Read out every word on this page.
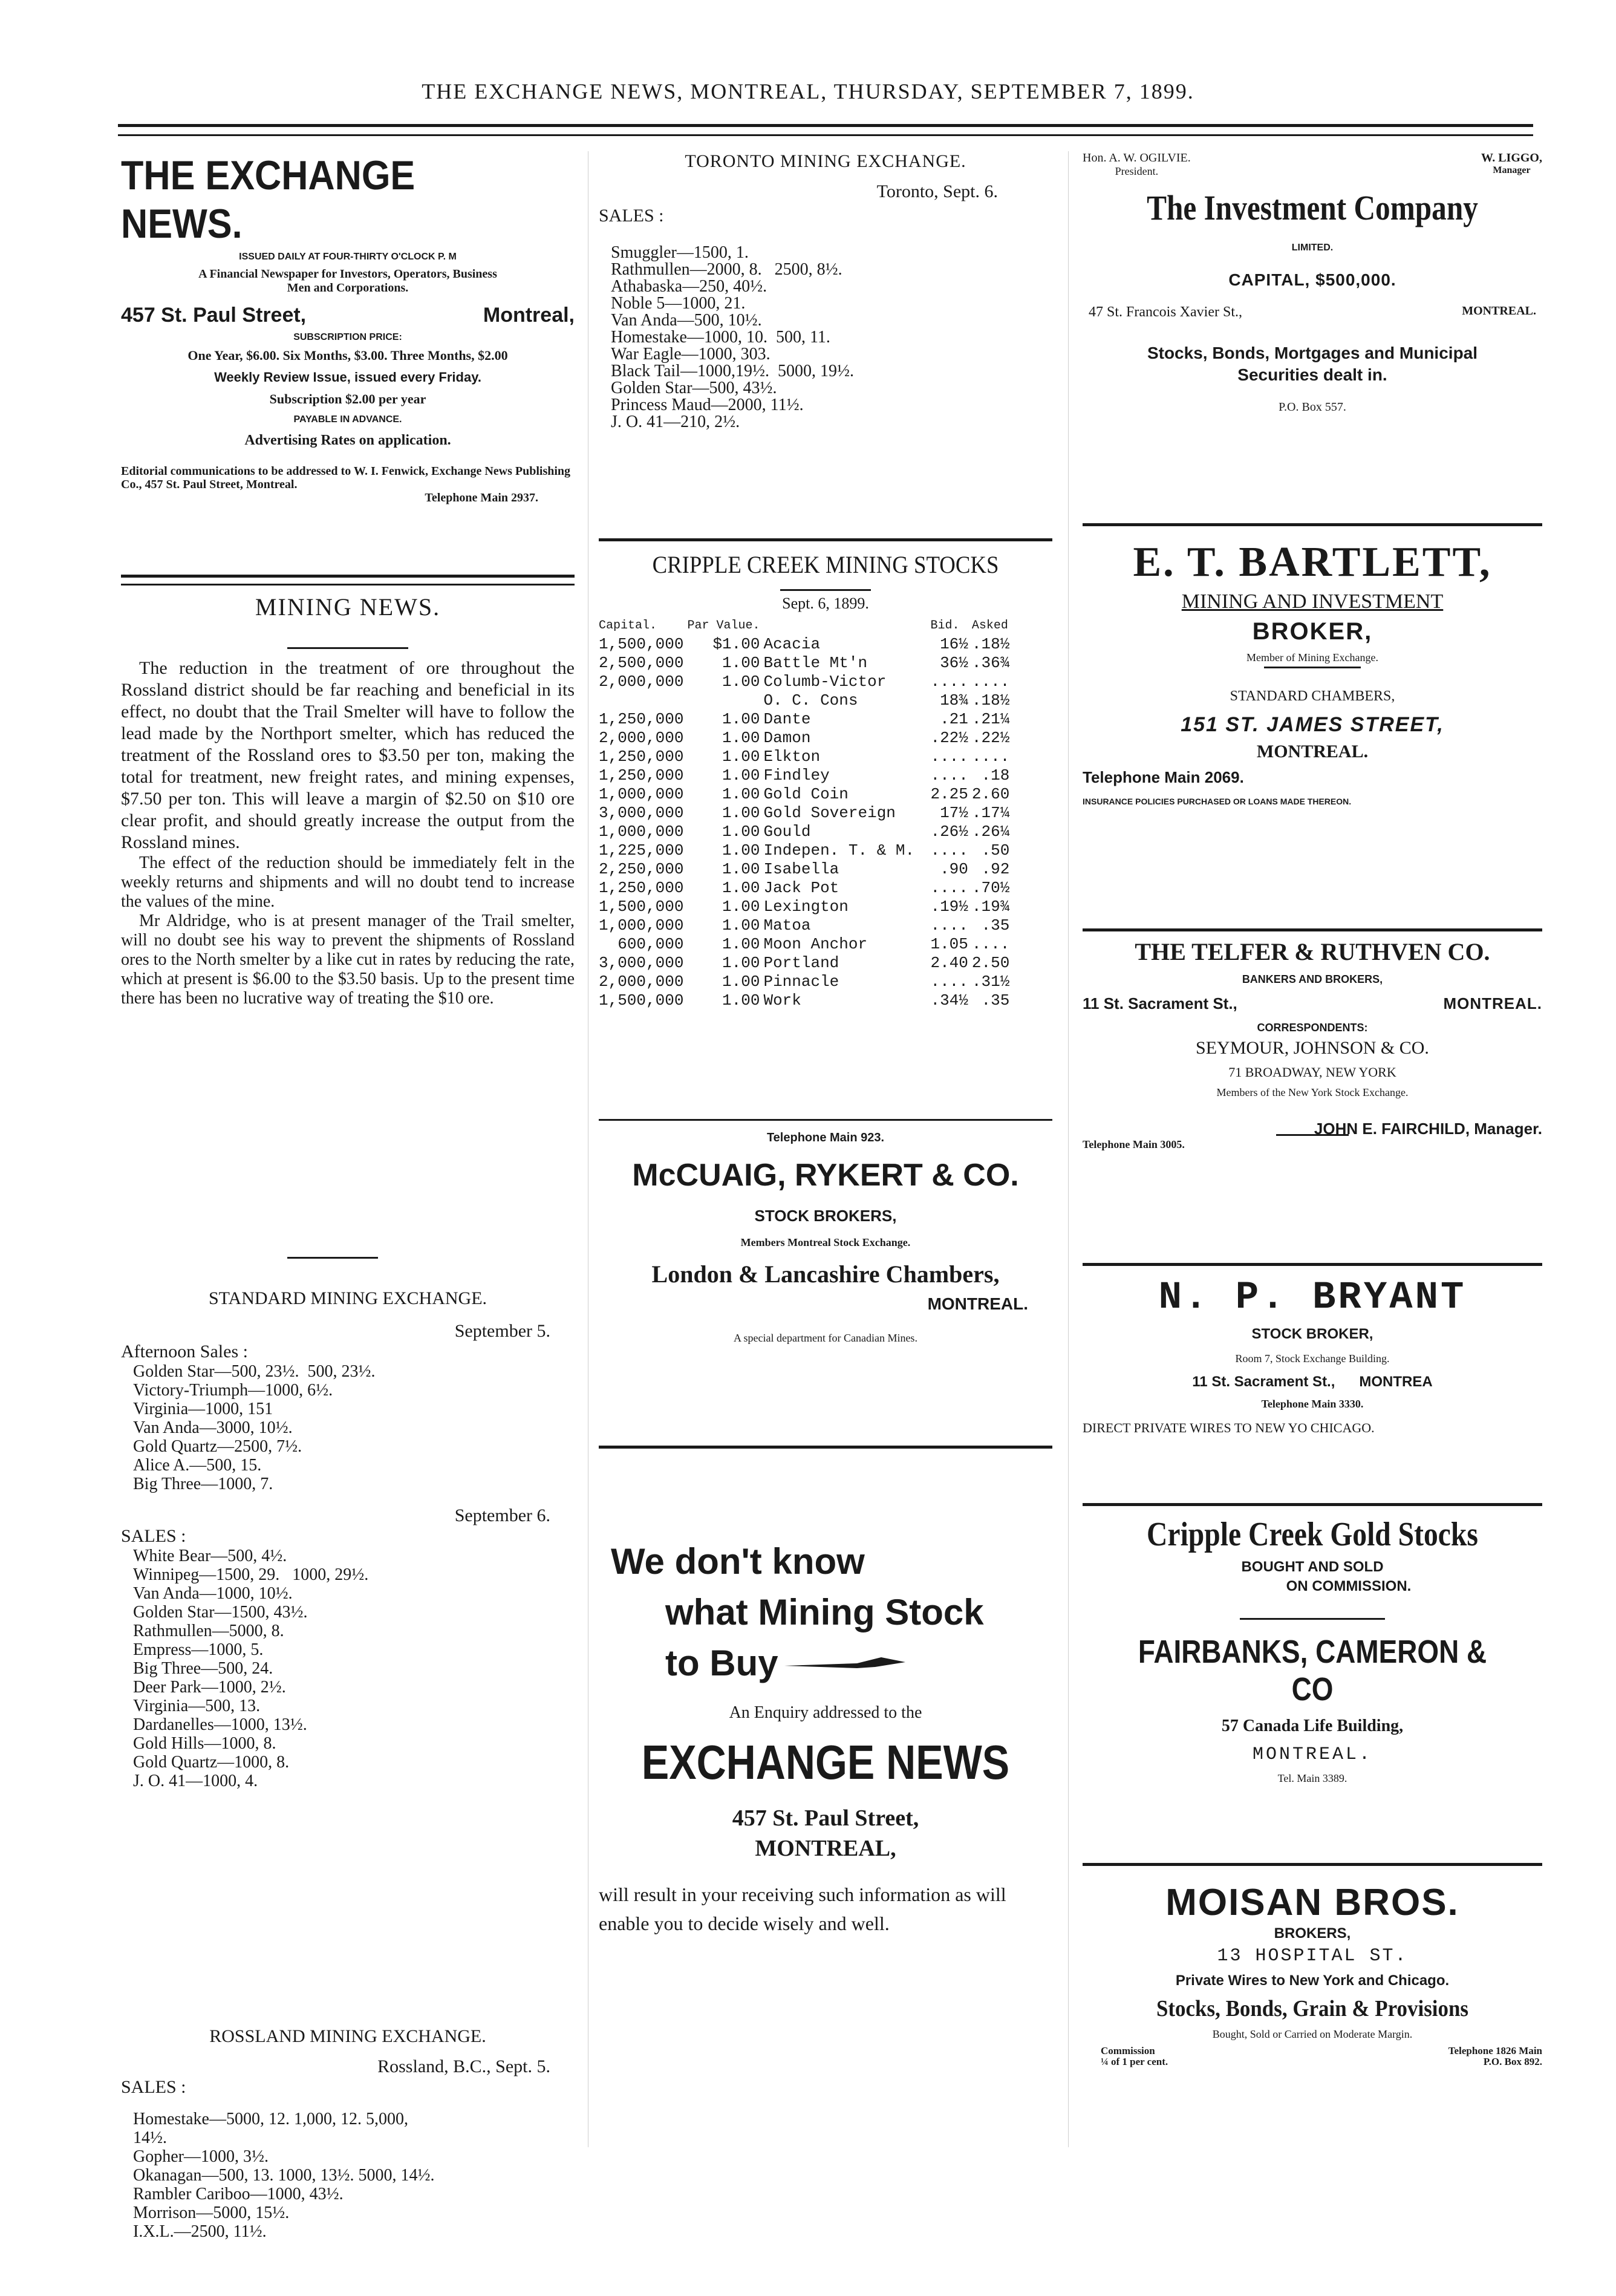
THE EXCHANGE NEWS, MONTREAL, THURSDAY, SEPTEMBER 7, 1899.
THE EXCHANGE NEWS.
ISSUED DAILY AT FOUR-THIRTY O'CLOCK P. M
A Financial Newspaper for Investors, Operators, Business
Men and Corporations.
457 St. Paul Street,	Montreal,
SUBSCRIPTION PRICE:
One Year, $6.00. Six Months, $3.00. Three Months, $2.00
Weekly Review Issue, issued every Friday.
Subscription $2.00 per year
PAYABLE IN ADVANCE.
Advertising Rates on application.
Editorial communications to be addressed to W. I. Fenwick, Exchange News Publishing Co., 457 St. Paul Street, Montreal.
Telephone Main 2937.
MINING NEWS.

The reduction in the treatment of ore throughout the Rossland district should be far reaching and beneficial in its effect, no doubt that the Trail Smelter will have to follow the lead made by the Northport smelter, which has reduced the treatment of the Rossland ores to $3.50 per ton, making the total for treatment, new freight rates, and mining expenses, $7.50 per ton. This will leave a margin of $2.50 on $10 ore clear profit, and should greatly increase the output from the Rossland mines.

The effect of the reduction should be immediately felt in the weekly returns and shipments and will no doubt tend to increase the values of the mine.

Mr Aldridge, who is at present manager of the Trail smelter, will no doubt see his way to prevent the shipments of Rossland ores to the North smelter by a like cut in rates by reducing the rate, which at present is $6.00 to the $3.50 basis. Up to the present time there has been no lucrative way of treating the $10 ore.

STANDARD MINING EXCHANGE.
September 5.
Afternoon Sales :
Golden Star—500, 23½.  500, 23½.
Victory-Triumph—1000, 6½.
Virginia—1000, 151
Van Anda—3000, 10½.
Gold Quartz—2500, 7½.
Alice A.—500, 15.
Big Three—1000, 7.
September 6.
SALES :
White Bear—500, 4½.
Winnipeg—1500, 29.   1000, 29½.
Van Anda—1000, 10½.
Golden Star—1500, 43½.
Rathmullen—5000, 8.
Empress—1000, 5.
Big Three—500, 24.
Deer Park—1000, 2½.
Virginia—500, 13.
Dardanelles—1000, 13½.
Gold Hills—1000, 8.
Gold Quartz—1000, 8.
J. O. 41—1000, 4.
ROSSLAND MINING EXCHANGE.
Rossland, B.C., Sept. 5.
SALES :
Homestake—5000, 12. 1,000, 12. 5,000,
14½.
Gopher—1000, 3½.
Okanagan—500, 13. 1000, 13½. 5000, 14½.
Rambler Cariboo—1000, 43½.
Morrison—5000, 15½.
I.X.L.—2500, 11½.
TORONTO MINING EXCHANGE.
Toronto, Sept. 6.
SALES :
Smuggler—1500, 1.
Rathmullen—2000, 8.   2500, 8½.
Athabaska—250, 40½.
Noble 5—1000, 21.
Van Anda—500, 10½.
Homestake—1000, 10.  500, 11.
War Eagle—1000, 303.
Black Tail—1000,19½.  5000, 19½.
Golden Star—500, 43½.
Princess Maud—2000, 11½.
J. O. 41—210, 2½.
CRIPPLE CREEK MINING STOCKS
Sept. 6, 1899.
Capital.	Par Value.		Bid.	Asked
1,500,000	$1.00	Acacia	16½	.18½
2,500,000	1.00	Battle Mt'n	36½	.36¾
2,000,000	1.00	Columb-Victor	....	....
		O. C. Cons	18¾	.18½
1,250,000	1.00	Dante	.21	.21¼
2,000,000	1.00	Damon	.22½	.22½
1,250,000	1.00	Elkton	....	....
1,250,000	1.00	Findley	....	.18
1,000,000	1.00	Gold Coin	2.25	2.60
3,000,000	1.00	Gold Sovereign	17½	.17¼
1,000,000	1.00	Gould	.26½	.26¼
1,225,000	1.00	Indepen. T. & M.	....	.50
2,250,000	1.00	Isabella	.90	.92
1,250,000	1.00	Jack Pot	....	.70½
1,500,000	1.00	Lexington	.19½	.19¾
1,000,000	1.00	Matoa	....	.35
600,000	1.00	Moon Anchor	1.05	....
3,000,000	1.00	Portland	2.40	2.50
2,000,000	1.00	Pinnacle	....	.31½
1,500,000	1.00	Work	.34½	.35
Telephone Main 923.
McCUAIG, RYKERT & CO.
STOCK BROKERS,
Members Montreal Stock Exchange.
London & Lancashire Chambers,
MONTREAL.
A special department for Canadian Mines.
We don't know
what Mining Stock
to Buy
An Enquiry addressed to the
EXCHANGE NEWS
457 St. Paul Street,
MONTREAL,

will result in your receiving such information as will enable you to decide wisely and well.

Hon. A. W. OGILVIE.
President.
W. LIGGO,
Manager
The Investment Company
LIMITED.
CAPITAL, $500,000.
47 St. Francois Xavier St.,	MONTREAL.
Stocks, Bonds, Mortgages and Municipal Securities dealt in.
P.O. Box 557.
E. T. BARTLETT,
MINING AND INVESTMENT
BROKER,
Member of Mining Exchange.
STANDARD CHAMBERS,
151 ST. JAMES STREET,
MONTREAL.
Telephone Main 2069.
INSURANCE POLICIES PURCHASED OR LOANS MADE THEREON.
THE TELFER & RUTHVEN CO.
BANKERS AND BROKERS,
11 St. Sacrament St.,	MONTREAL.
CORRESPONDENTS:
SEYMOUR, JOHNSON & CO.
71 BROADWAY, NEW YORK
Members of the New York Stock Exchange.
JOHN E. FAIRCHILD, Manager.
Telephone Main 3005.
N. P. BRYANT
STOCK BROKER,
Room 7, Stock Exchange Building.
11 St. Sacrament St., MONTREA
Telephone Main 3330.
DIRECT PRIVATE WIRES TO NEW YO CHICAGO.
Cripple Creek Gold Stocks
BOUGHT AND SOLD
ON COMMISSION.
FAIRBANKS, CAMERON & CO
57 Canada Life Building,
MONTREAL.
Tel. Main 3389.
MOISAN BROS.
BROKERS,
13 HOSPITAL ST.
Private Wires to New York and Chicago.
Stocks, Bonds, Grain & Provisions
Bought, Sold or Carried on Moderate Margin.
Commission
¼ of 1 per cent.
Telephone 1826 Main
P.O. Box 892.
